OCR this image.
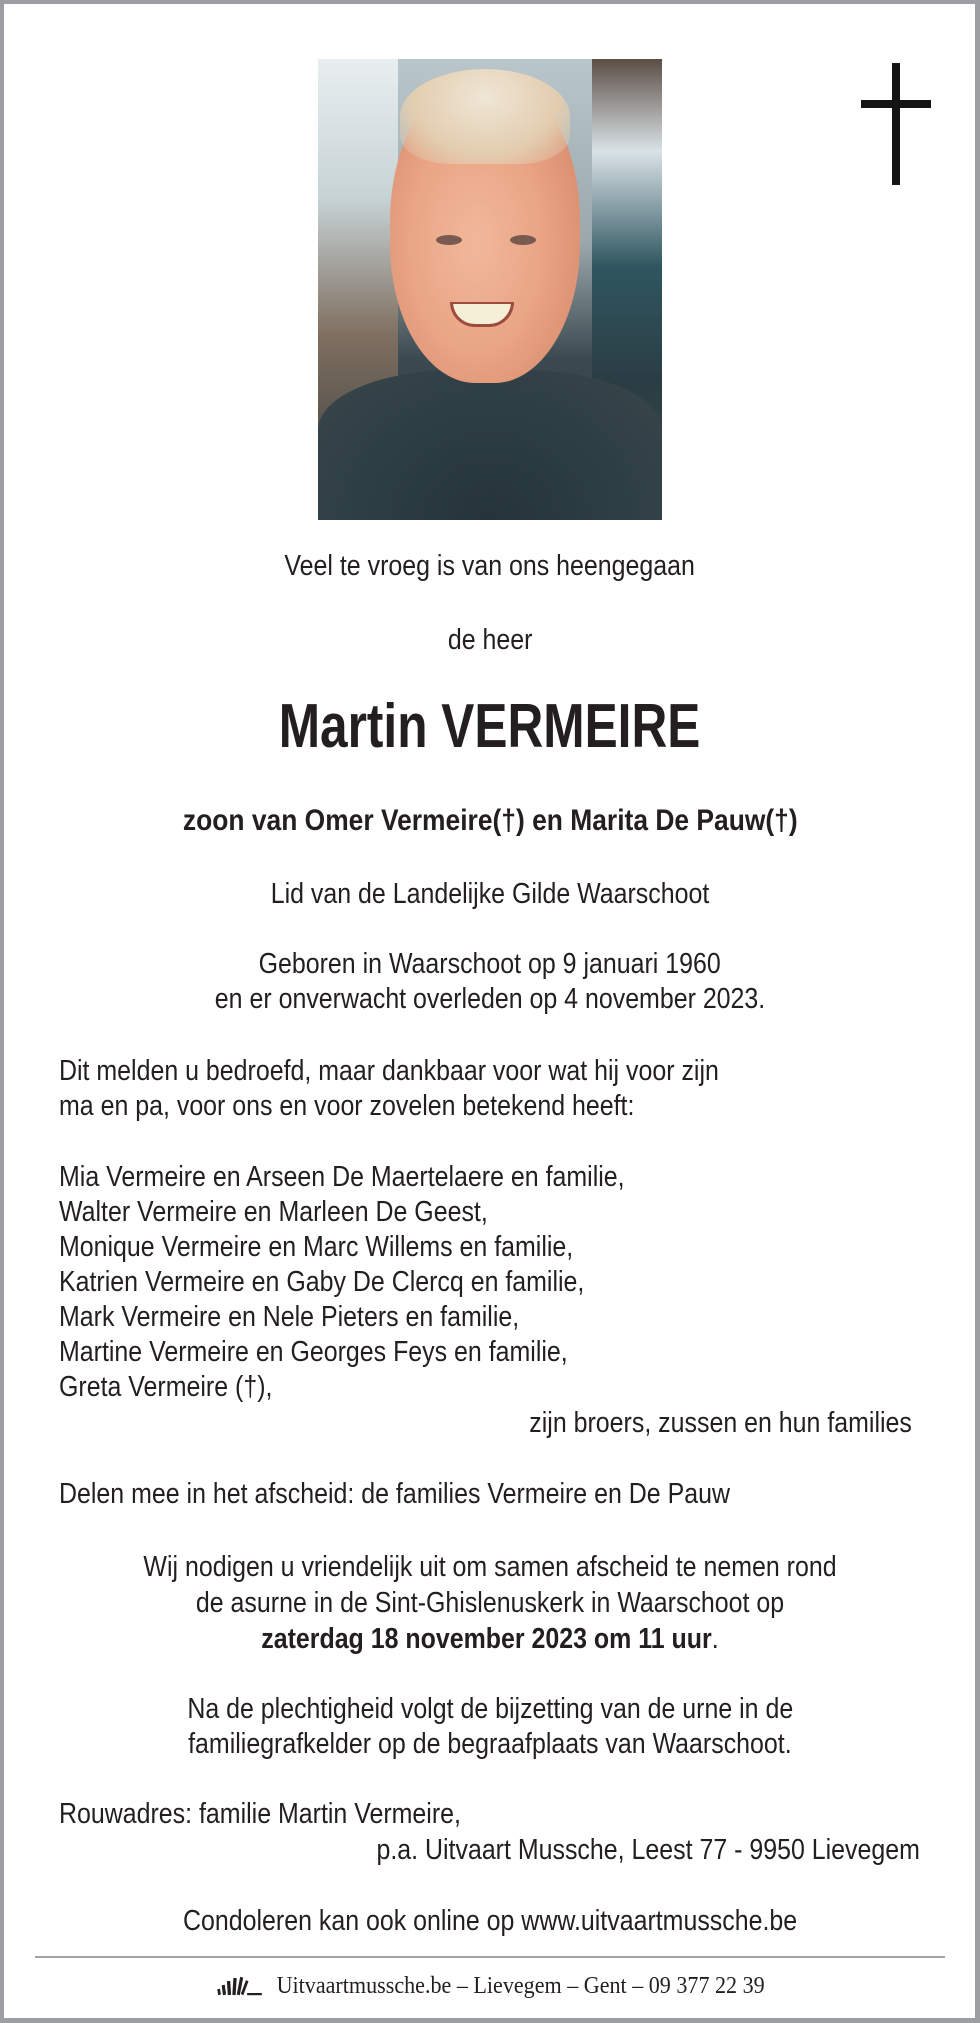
Veel te vroeg is van ons heengegaan
de heer
Martin VERMEIRE
zoon van Omer Vermeire(†) en Marita De Pauw(†)
Lid van de Landelijke Gilde Waarschoot
Geboren in Waarschoot op 9 januari 1960
en er onverwacht overleden op 4 november 2023.
Dit melden u bedroefd, maar dankbaar voor wat hij voor zijn
ma en pa, voor ons en voor zovelen betekend heeft:
Mia Vermeire en Arseen De Maertelaere en familie,
Walter Vermeire en Marleen De Geest,
Monique Vermeire en Marc Willems en familie,
Katrien Vermeire en Gaby De Clercq en familie,
Mark Vermeire en Nele Pieters en familie,
Martine Vermeire en Georges Feys en familie,
Greta Vermeire (†),
zijn broers, zussen en hun families
Delen mee in het afscheid: de families Vermeire en De Pauw
Wij nodigen u vriendelijk uit om samen afscheid te nemen rond
de asurne in de Sint-Ghislenuskerk in Waarschoot op
zaterdag 18 november 2023 om 11 uur.
Na de plechtigheid volgt de bijzetting van de urne in de
familiegrafkelder op de begraafplaats van Waarschoot.
Rouwadres: familie Martin Vermeire,
p.a. Uitvaart Mussche, Leest 77 - 9950 Lievegem
Condoleren kan ook online op www.uitvaartmussche.be
Uitvaartmussche.be – Lievegem – Gent – 09 377 22 39
